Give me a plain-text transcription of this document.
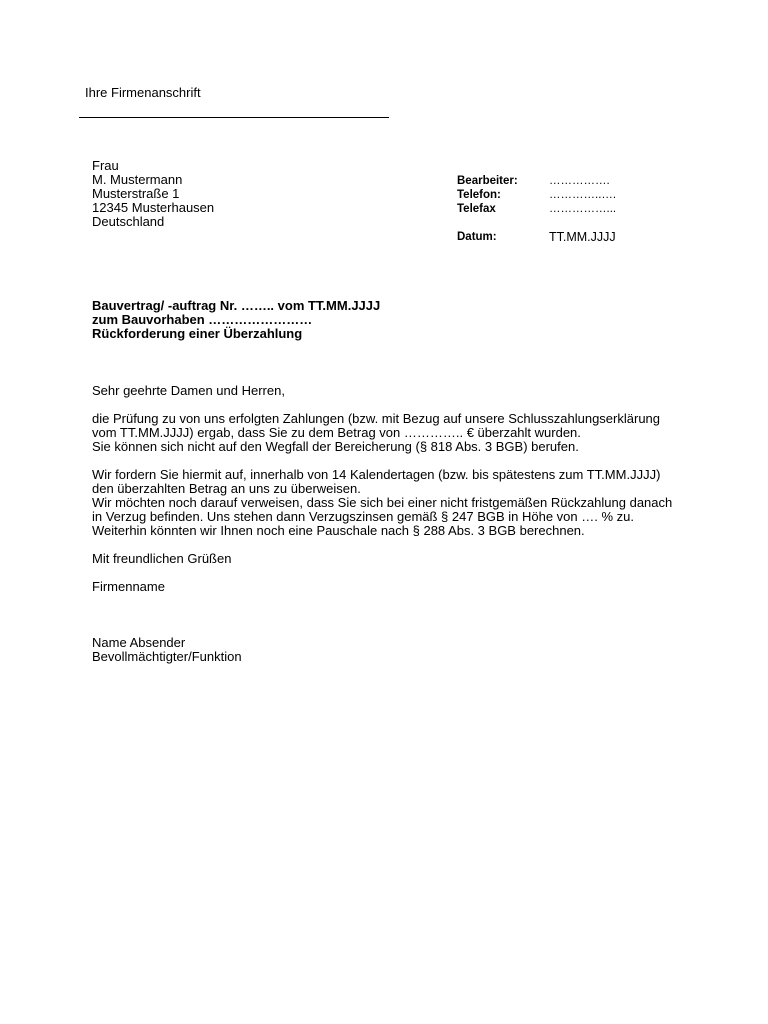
Ihre Firmenanschrift
Frau
M. Mustermann
Musterstraße 1
12345 Musterhausen
Deutschland
Bearbeiter:	…………….
Telefon:	…………..….
Telefax	……………...
Datum:	TT.MM.JJJJ
Bauvertrag/ -auftrag Nr. …….. vom TT.MM.JJJJ
zum Bauvorhaben ……………………
Rückforderung einer Überzahlung
Sehr geehrte Damen und Herren,
die Prüfung zu von uns erfolgten Zahlungen (bzw. mit Bezug auf unsere Schlusszahlungserklärung
vom TT.MM.JJJJ) ergab, dass Sie zu dem Betrag von ………….. € überzahlt wurden.
Sie können sich nicht auf den Wegfall der Bereicherung (§ 818 Abs. 3 BGB) berufen.
Wir fordern Sie hiermit auf, innerhalb von 14 Kalendertagen (bzw. bis spätestens zum TT.MM.JJJJ)
den überzahlten Betrag an uns zu überweisen.
Wir möchten noch darauf verweisen, dass Sie sich bei einer nicht fristgemäßen Rückzahlung danach
in Verzug befinden. Uns stehen dann Verzugszinsen gemäß § 247 BGB in Höhe von …. % zu.
Weiterhin könnten wir Ihnen noch eine Pauschale nach § 288 Abs. 3 BGB berechnen.
Mit freundlichen Grüßen
Firmenname
Name Absender
Bevollmächtigter/Funktion
